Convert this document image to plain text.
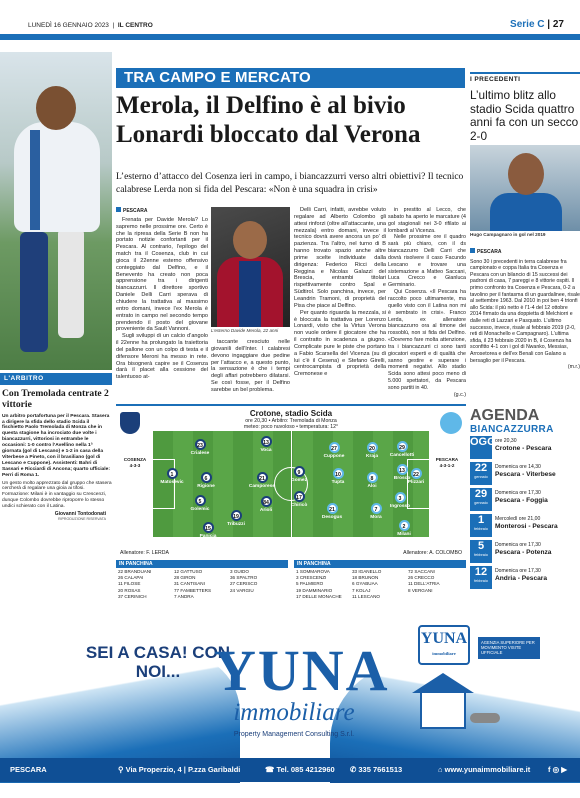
LUNEDÌ 16 GENNAIO 2023  |  IL CENTRO	Serie C | 27
L'ARBITRO
Con Tremolada centrate 2 vittorie
Un arbitro portafortuna per il Pescara. Stasera a dirigere la sfida dello stadio Scida il fischietto Paolo Tremolada di Monza che in questa stagione ha incrociato due volte i biancazzurri, vittoriosi in entrambe le occasioni: 1-0 contro l’Avellino nella 1ª giornata (gol di Lescano) e 1-2 in casa della Viterbese a Pineto, con il brasiliano (gol di Lescano e Cuppone). Assistenti: Bahri di Sassari e Ricciardi di Ancona; quarto ufficiale: Perri di Roma 1.
Un gesto molto apprezzato dal gruppo che stasera cercherà di regalare una gioia ai tifosi. Formazione: Milani è in vantaggio su Crescenzi, dunque Colombo dovrebbe riproporre lo stesso undici schierato con il Latina.
Giovanni Tontodonati
RIPRODUZIONE RISERVATA
TRA CAMPO E MERCATO
Merola, il Delfino è al bivio
Lonardi bloccato dal Verona
L’esterno d’attacco del Cosenza ieri in campo, i biancazzurri verso altri obiettivi? Il tecnico calabrese Lerda non si fida del Pescara: «Non è una squadra in crisi»
PESCARA

Frenata per Davide Merola? Lo sapremo nelle prossime ore. Certo è che la ripresa della Serie B non ha portato notizie confortanti per il Pescara. Al contrario, l’epilogo del match tra il Cosenza, club in cui gioca il 22enne esterno offensivo conteggiato dal Delfino, e il Benevento ha creato non poca apprensione tra i dirigenti biancazzurri. Il direttore sportivo Daniele Delli Carri sperava di chiudere la trattativa al massimo entro domani, invece l’ex Merola è entrato in campo nel secondo tempo prendendo il posto del giovane proveniente da Sault Vannoni.

Sugli sviluppi di un calcio d’angolo il 22enne ha prolungato la traiettoria del pallone con un colpo di testa e il difensore Meroni ha messo in rete. Ora bisognerà capire se il Cosenza darà il placet alla cessione del talentuoso at-

L’esterno Davide Merola, 22 anni

taccante cresciuto nelle giovanili dell’Inter. I calabresi devono ingaggiare due pedine per l’attacco e, a questo punto, la sensazione è che i tempi degli affari potrebbero dilatarsi. Se così fosse, per il Delfino sarebbe un bel problema.

Delli Carri, infatti, avrebbe voluto regalare ad Alberto Colombo gli attesi rinforzi (oltre all’attaccante, una mezzala) entro domani, invece il tecnico dovrà avere ancora un po’ di pazienza. Tra l’altro, nel turno di B hanno trovato spazio anche altre prime scelte individuate dalla dirigenza: Federico Ricci della Reggina e Nicolas Galazzi del Brescia, entrambi titolari rispettivamente contro Spal e Südtirol. Solo panchina, invece, per Leandrin Tramoni, di proprietà del Pisa che piace al Delfino.

Per quanto riguarda la mezzala, si è bloccata la trattativa per Lorenzo Lonardi, visto che la Virtus Verona non vuole ordere il giocatore che ha il contratto in scadenza a giugno. Complicate pure le piste che portano a Fabio Scarsella del Vicenza (su di lui c’è il Cesena) e Stefano Girelli, centrocampista di proprietà della Cremonese e

in prestito al Lecco, che sabato ha aperto le marcature (4 gol stagionali nei 3-0 rifilato ai lombardi al Vicenza.

Nelle prossime ore il quadro sarà più chiaro, con il ds biancazzurro Delli Carri che dovrà risolvere il caso Facundo Lescano e trovare una sistemazione a Matteo Saccani, Luca Crecco e Gianluca Germinario.

Qui Cosenza. «Il Pescara ha raccolto poco ultimamente, ma quello visto con il Latina non mi è sembrato in crisi». Franco Lerda, ex allenatore biancazzurro ora al timone dei rossoblù, non si fida del Delfino. «Dovremo fare molta attenzione, tra i biancazzurri ci sono tanti giocatori esperti e di qualità che sanno gestire e superare i momenti negativi. Allo stadio Scida sono attesi poco meno di 5.000 spettatori, da Pescara sono partiti in 40.

(g.c.)

I PRECEDENTI
L’ultimo blitz allo stadio Scida quattro anni fa con un secco 2-0
Hugo Campagnaro in gol nel 2019
PESCARA
Sono 30 i precedenti in terra calabrese fra campionato e coppa Italia tra Cosenza e Pescara con un bilancio di 15 successi dei padroni di casa, 7 pareggi e 8 vittorie ospiti. Il primo confronto tra Cosenza e Pescara, 0-2 a tavolino per il fantasma di un guardalinee, risale al settembre 1963. Dal 2010 in poi ben 4 trionfi allo Scida: il più netto è l’1-4 del 12 ottobre 2014 firmato da una doppietta di Melchiorri e dalle reti di Lazzari e Pasquato. L’ultimo successo, invece, risale al febbraio 2019 (2-0, reti di Monachello e Campagnaro). L’ultima sfida, il 23 febbraio 2020 in B, il Cosenza ha sconfitto 4-1 con i gol di Nwanko, Messias, Arrosetorea e dell’ex Benali con Galano a bersaglio per il Pescara.
(m.r.)
Crotone, stadio Scida
ore 20,30 • Arbitro: Tremolada di Monza
meteo: poco nuvoloso • temperatura: 12°
COSENZA
4-3-3
PESCARA
4-3-1-2
1
Matosevic
23
Crialese
6
Rigione
5
Golemic
15
Panicia
13
Voca
21
Camporese
84
Arioli
19
Tribuzzi
9
Gomez
17
Chiricò
22
Plizzari
29
Cancellotti
13
Brosco
3
Ingrosso
2
Milani
20
Kraja
8
Aloi
7
Mora
10
Tupta
27
Cuppone
21
Desogus
Allenatore: F. LERDA	Allenatore: A. COLOMBO
IN PANCHINA
22 BRANDUANI	12 GATTUSO	3 GUIDO
26 CALAPAI	28 GIRON	36 SPALTRO
11 FILOSE	31 CANTISANI	27 CERISCO
20 ROSAS	77 FAMBETTERS	24 VARGIU
37 CERINICH	7 ANDRA
IN PANCHINA
1 SOMMAROVA	33 IGANELLO	72 SACCANI
3 CRESCENZI	18 BRUNON	26 CRECCO
5 PALMIERO	6 GYABUAA	11 DELL'ATRIA
19 DAMMINARIO	7 KOLAJ	8 VERGANI
17 DELLE MONACHE	11 LESCANO
AGENDA
BIANCAZZURRA
OGGI
ore 20,30
Crotone - Pescara
22
gennaio
Domenica ore 14,30
Pescara - Viterbese
29
gennaio
Domenica ore 17,30
Pescara - Foggia
1
febbraio
Mercoledì ore 21,00
Monterosi - Pescara
5
febbraio
Domenica ore 17,30
Pescara - Potenza
12
febbraio
Domenica ore 17,30
Andria - Pescara
SEI A CASA! CON NOI... YUNA
immobiliare
Property Management Consulting S.r.l.
YUNA
immobiliare
AGENZIA SUPERIORE PER MOVIMENTO VISITE UFFICIALE
PESCARA	⚲ Via Properzio, 4 | P.zza Garibaldi	☎ Tel. 085 4212960 ✆ 335 7661513	⌂ www.yunaimmobiliare.it f ◎ ▶
